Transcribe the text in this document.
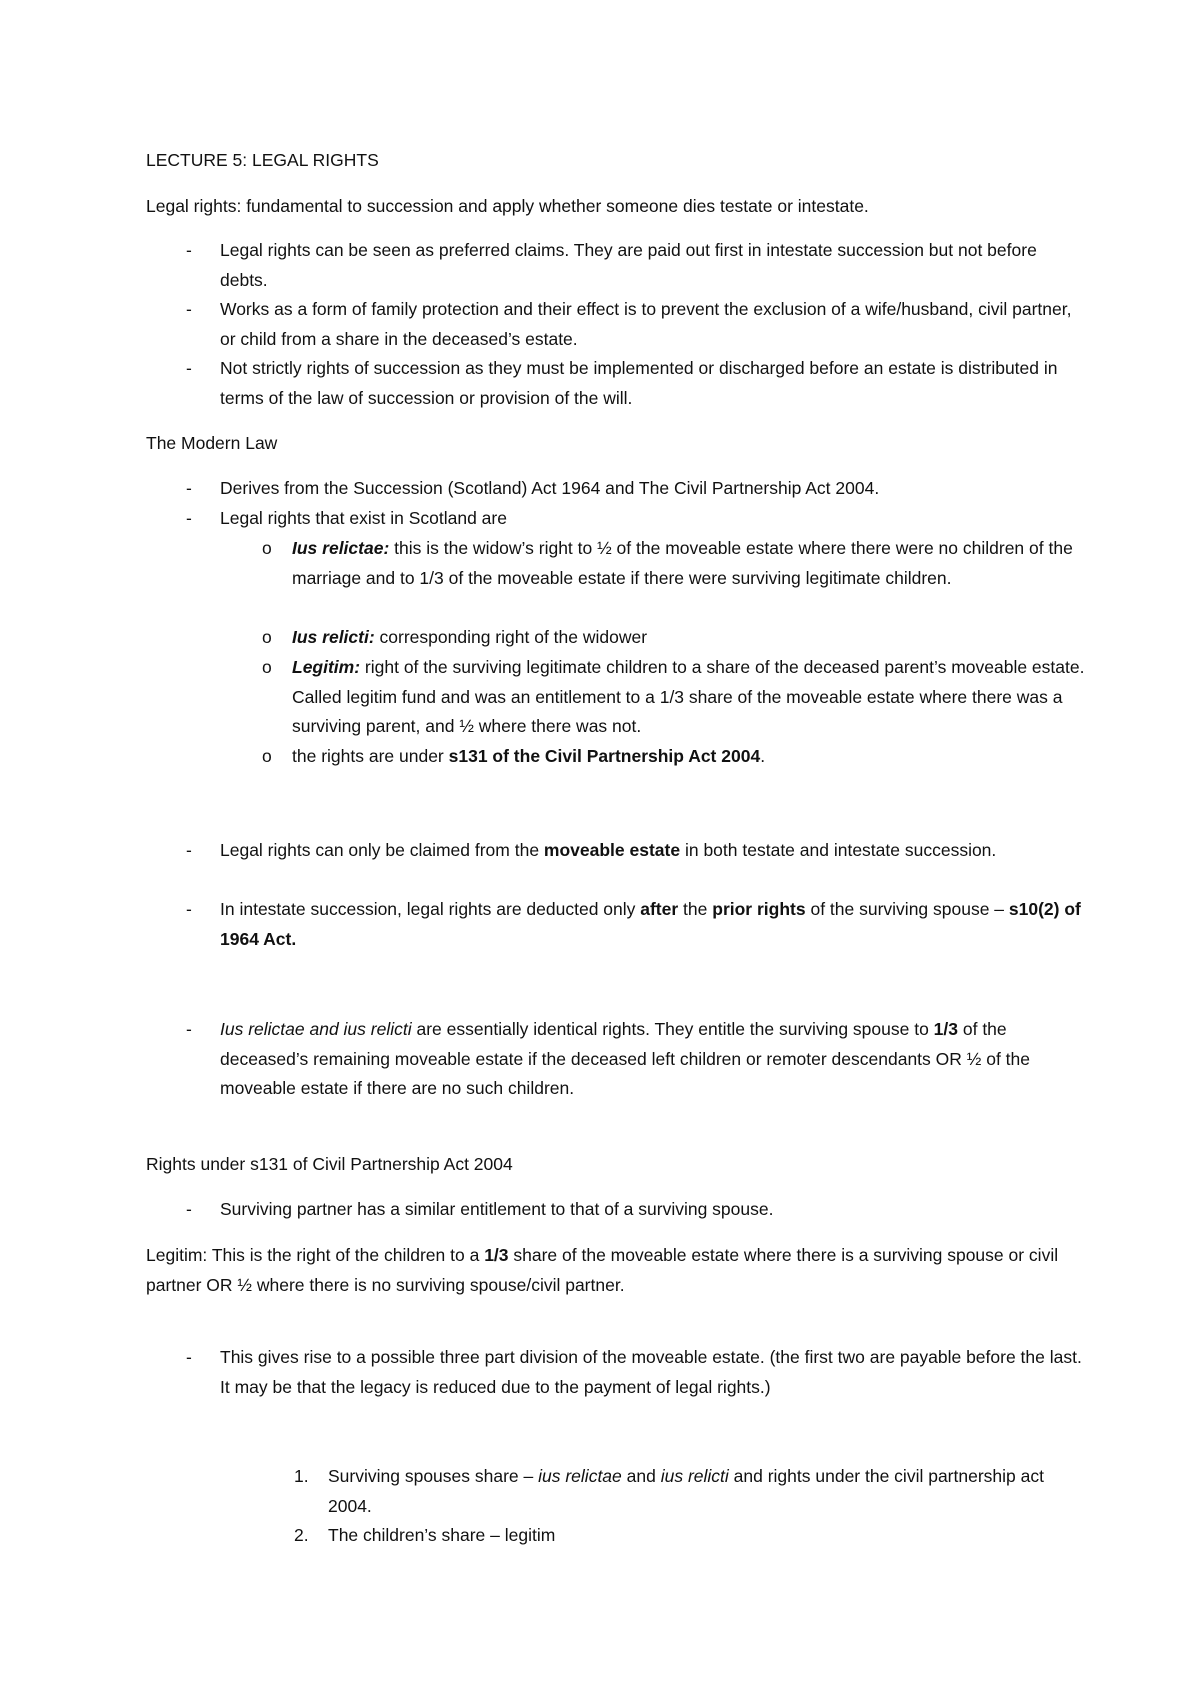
LECTURE 5: LEGAL RIGHTS

Legal rights: fundamental to succession and apply whether someone dies testate or intestate.

- Legal rights can be seen as preferred claims. They are paid out first in intestate succession but not before debts.

- Works as a form of family protection and their effect is to prevent the exclusion of a wife/husband, civil partner, or child from a share in the deceased’s estate.

- Not strictly rights of succession as they must be implemented or discharged before an estate is distributed in terms of the law of succession or provision of the will.

The Modern Law

- Derives from the Succession (Scotland) Act 1964 and The Civil Partnership Act 2004.

- Legal rights that exist in Scotland are

o Ius relictae: this is the widow’s right to ½ of the moveable estate where there were no children of the marriage and to 1/3 of the moveable estate if there were surviving legitimate children.

o Ius relicti: corresponding right of the widower

o Legitim: right of the surviving legitimate children to a share of the deceased parent’s moveable estate. Called legitim fund and was an entitlement to a 1/3 share of the moveable estate where there was a surviving parent, and ½ where there was not.

o the rights are under s131 of the Civil Partnership Act 2004.

- Legal rights can only be claimed from the moveable estate in both testate and intestate succession.

- In intestate succession, legal rights are deducted only after the prior rights of the surviving spouse – s10(2) of 1964 Act.

- Ius relictae and ius relicti are essentially identical rights. They entitle the surviving spouse to 1/3 of the deceased’s remaining moveable estate if the deceased left children or remoter descendants OR ½ of the moveable estate if there are no such children.

Rights under s131 of Civil Partnership Act 2004

- Surviving partner has a similar entitlement to that of a surviving spouse.

Legitim: This is the right of the children to a 1/3 share of the moveable estate where there is a surviving spouse or civil partner OR ½ where there is no surviving spouse/civil partner.

- This gives rise to a possible three part division of the moveable estate. (the first two are payable before the last. It may be that the legacy is reduced due to the payment of legal rights.)

1. Surviving spouses share – ius relictae and ius relicti and rights under the civil partnership act 2004.

2. The children’s share – legitim
